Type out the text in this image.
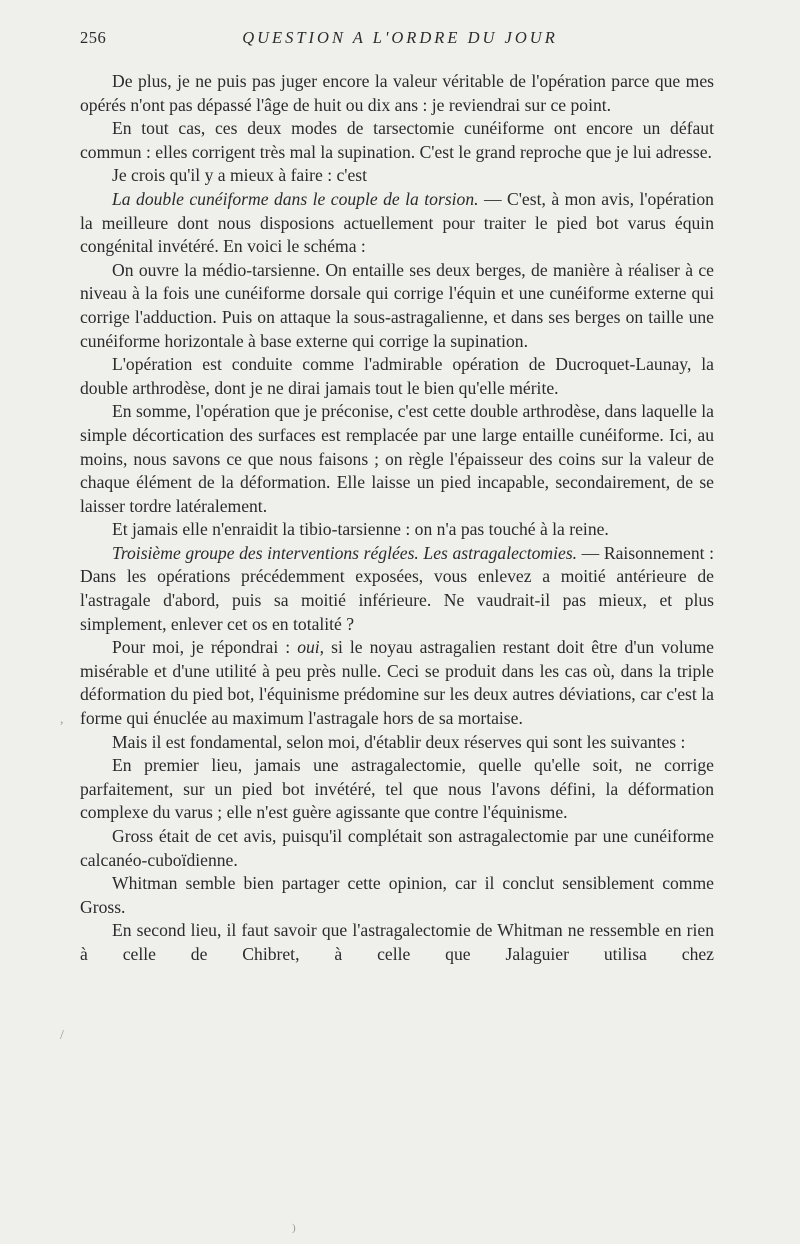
256	QUESTION A L'ORDRE DU JOUR

De plus, je ne puis pas juger encore la valeur véritable de l'opération parce que mes opérés n'ont pas dépassé l'âge de huit ou dix ans : je reviendrai sur ce point.

En tout cas, ces deux modes de tarsectomie cunéiforme ont encore un défaut commun : elles corrigent très mal la supination. C'est le grand reproche que je lui adresse.

Je crois qu'il y a mieux à faire : c'est

La double cunéiforme dans le couple de la torsion. — C'est, à mon avis, l'opération la meilleure dont nous disposions actuellement pour traiter le pied bot varus équin congénital invétéré. En voici le schéma :

On ouvre la médio-tarsienne. On entaille ses deux berges, de manière à réaliser à ce niveau à la fois une cunéiforme dorsale qui corrige l'équin et une cunéiforme externe qui corrige l'adduction. Puis on attaque la sous-astragalienne, et dans ses berges on taille une cunéiforme horizontale à base externe qui corrige la supination.

L'opération est conduite comme l'admirable opération de Ducroquet-Launay, la double arthrodèse, dont je ne dirai jamais tout le bien qu'elle mérite.

En somme, l'opération que je préconise, c'est cette double arthrodèse, dans laquelle la simple décortication des surfaces est remplacée par une large entaille cunéiforme. Ici, au moins, nous savons ce que nous faisons ; on règle l'épaisseur des coins sur la valeur de chaque élément de la déformation. Elle laisse un pied incapable, secondairement, de se laisser tordre latéralement.

Et jamais elle n'enraidit la tibio-tarsienne : on n'a pas touché à la reine.

Troisième groupe des interventions réglées. Les astragalectomies. — Raisonnement : Dans les opérations précédemment exposées, vous enlevez a moitié antérieure de l'astragale d'abord, puis sa moitié inférieure. Ne vaudrait-il pas mieux, et plus simplement, enlever cet os en totalité ?

Pour moi, je répondrai : oui, si le noyau astragalien restant doit être d'un volume misérable et d'une utilité à peu près nulle. Ceci se produit dans les cas où, dans la triple déformation du pied bot, l'équinisme prédomine sur les deux autres déviations, car c'est la forme qui énuclée au maximum l'astragale hors de sa mortaise.

Mais il est fondamental, selon moi, d'établir deux réserves qui sont les suivantes :

En premier lieu, jamais une astragalectomie, quelle qu'elle soit, ne corrige parfaitement, sur un pied bot invétéré, tel que nous l'avons défini, la déformation complexe du varus ; elle n'est guère agissante que contre l'équinisme.

Gross était de cet avis, puisqu'il complétait son astragalectomie par une cunéiforme calcanéo-cuboïdienne.

Whitman semble bien partager cette opinion, car il conclut sensiblement comme Gross.

En second lieu, il faut savoir que l'astragalectomie de Whitman ne ressemble en rien à celle de Chibret, à celle que Jalaguier utilisa chez

,
/
)
